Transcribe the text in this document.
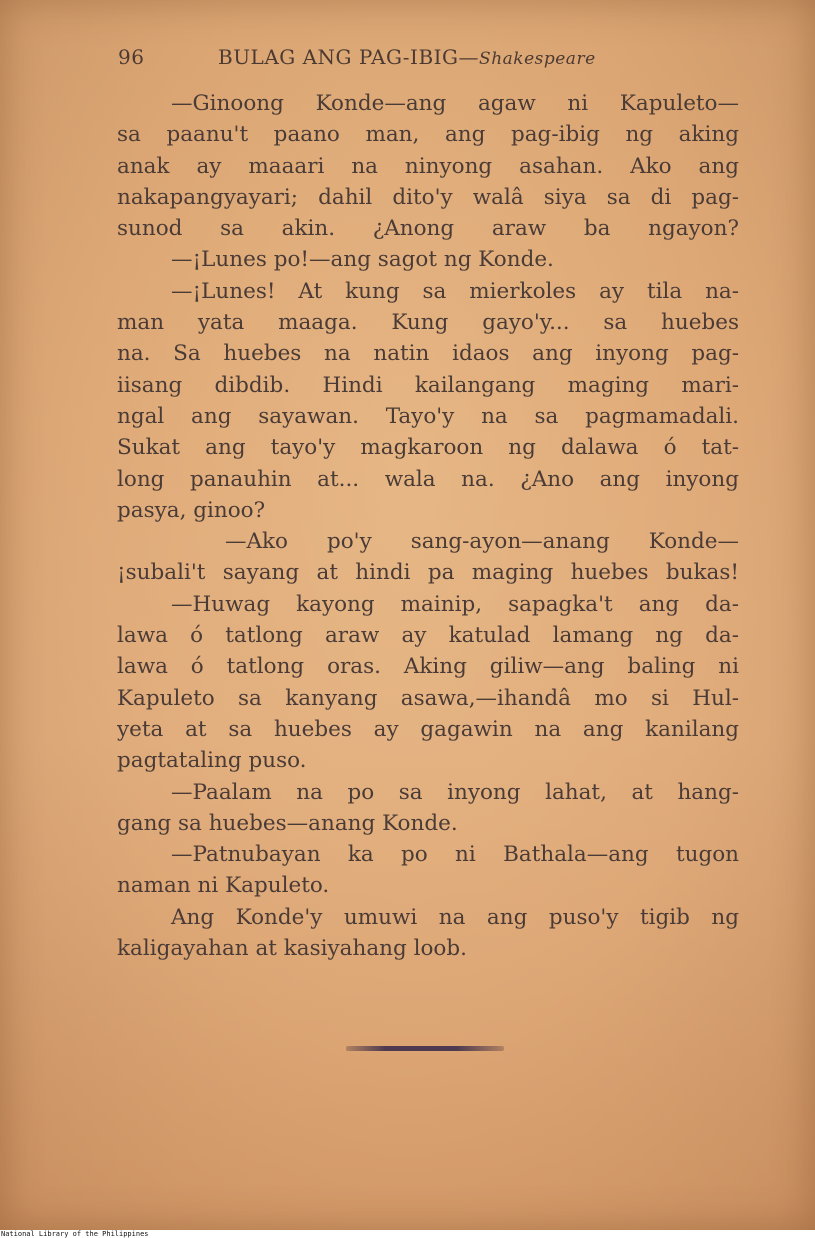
96	BULAG ANG PAG-IBIG—Shakespeare
—Ginoong Konde—ang agaw ni Kapuleto—
sa paanu't paano man, ang pag-ibig ng aking
anak ay maaari na ninyong asahan. Ako ang
nakapangyayari; dahil dito'y walâ siya sa di pag-
sunod sa akin. ¿Anong araw ba ngayon?
—¡Lunes po!—ang sagot ng Konde.
—¡Lunes! At kung sa mierkoles ay tila na-
man yata maaga. Kung gayo'y... sa huebes
na. Sa huebes na natin idaos ang inyong pag-
iisang dibdib. Hindi kailangang maging mari-
ngal ang sayawan. Tayo'y na sa pagmamadali.
Sukat ang tayo'y magkaroon ng dalawa ó tat-
long panauhin at... wala na. ¿Ano ang inyong
pasya, ginoo?
—Ako po'y sang-ayon—anang Konde—
¡subali't sayang at hindi pa maging huebes bukas!
—Huwag kayong mainip, sapagka't ang da-
lawa ó tatlong araw ay katulad lamang ng da-
lawa ó tatlong oras. Aking giliw—ang baling ni
Kapuleto sa kanyang asawa,—ihandâ mo si Hul-
yeta at sa huebes ay gagawin na ang kanilang
pagtataling puso.
—Paalam na po sa inyong lahat, at hang-
gang sa huebes—anang Konde.
—Patnubayan ka po ni Bathala—ang tugon
naman ni Kapuleto.
Ang Konde'y umuwi na ang puso'y tigib ng
kaligayahan at kasiyahang loob.
National Library of the Philippines
